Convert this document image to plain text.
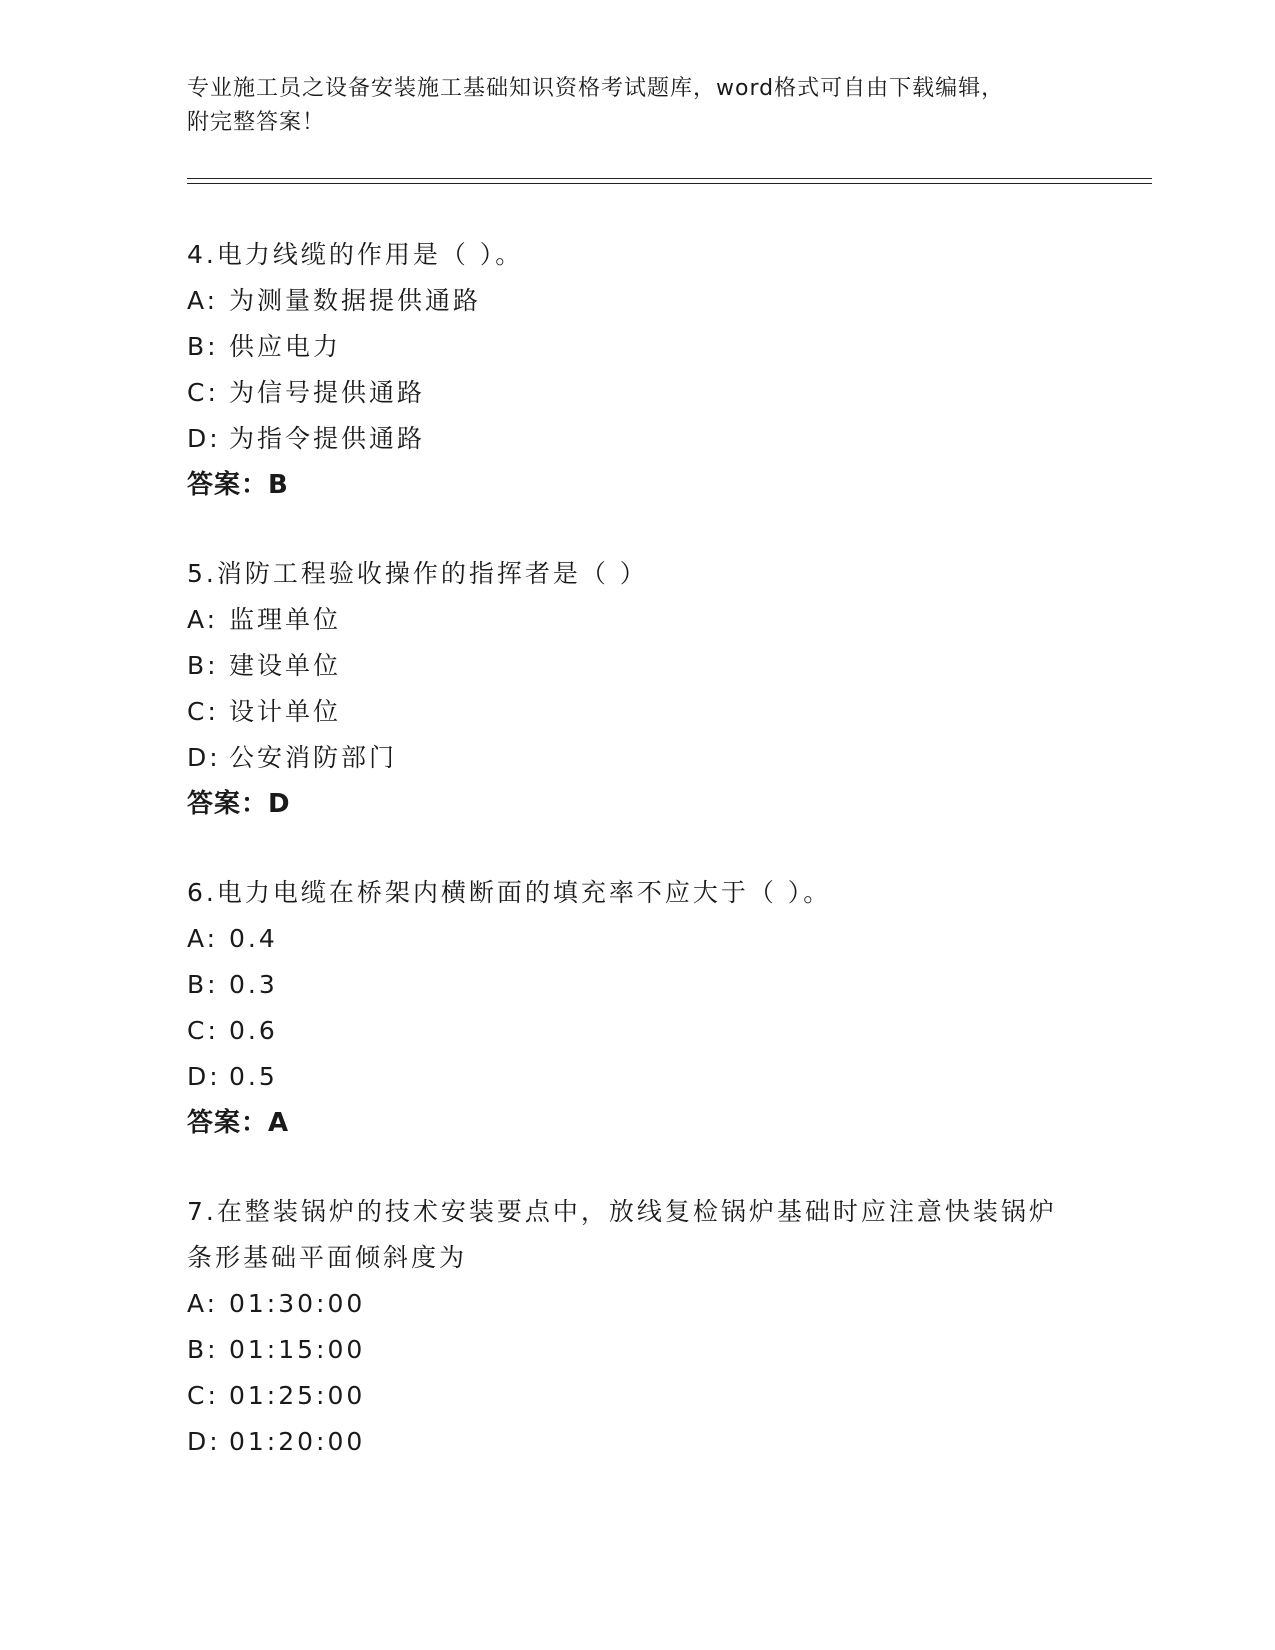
专业施工员之设备安装施工基础知识资格考试题库，word格式可自由下载编辑，
附完整答案！
4.电力线缆的作用是（ ）。
A: 为测量数据提供通路
B: 供应电力
C: 为信号提供通路
D: 为指令提供通路
答案：B
5.消防工程验收操作的指挥者是（ ）
A: 监理单位
B: 建设单位
C: 设计单位
D: 公安消防部门
答案：D
6.电力电缆在桥架内横断面的填充率不应大于（ ）。
A: 0.4
B: 0.3
C: 0.6
D: 0.5
答案：A
7.在整装锅炉的技术安装要点中，放线复检锅炉基础时应注意快装锅炉条形基础平面倾斜度为
A: 01:30:00
B: 01:15:00
C: 01:25:00
D: 01:20:00
